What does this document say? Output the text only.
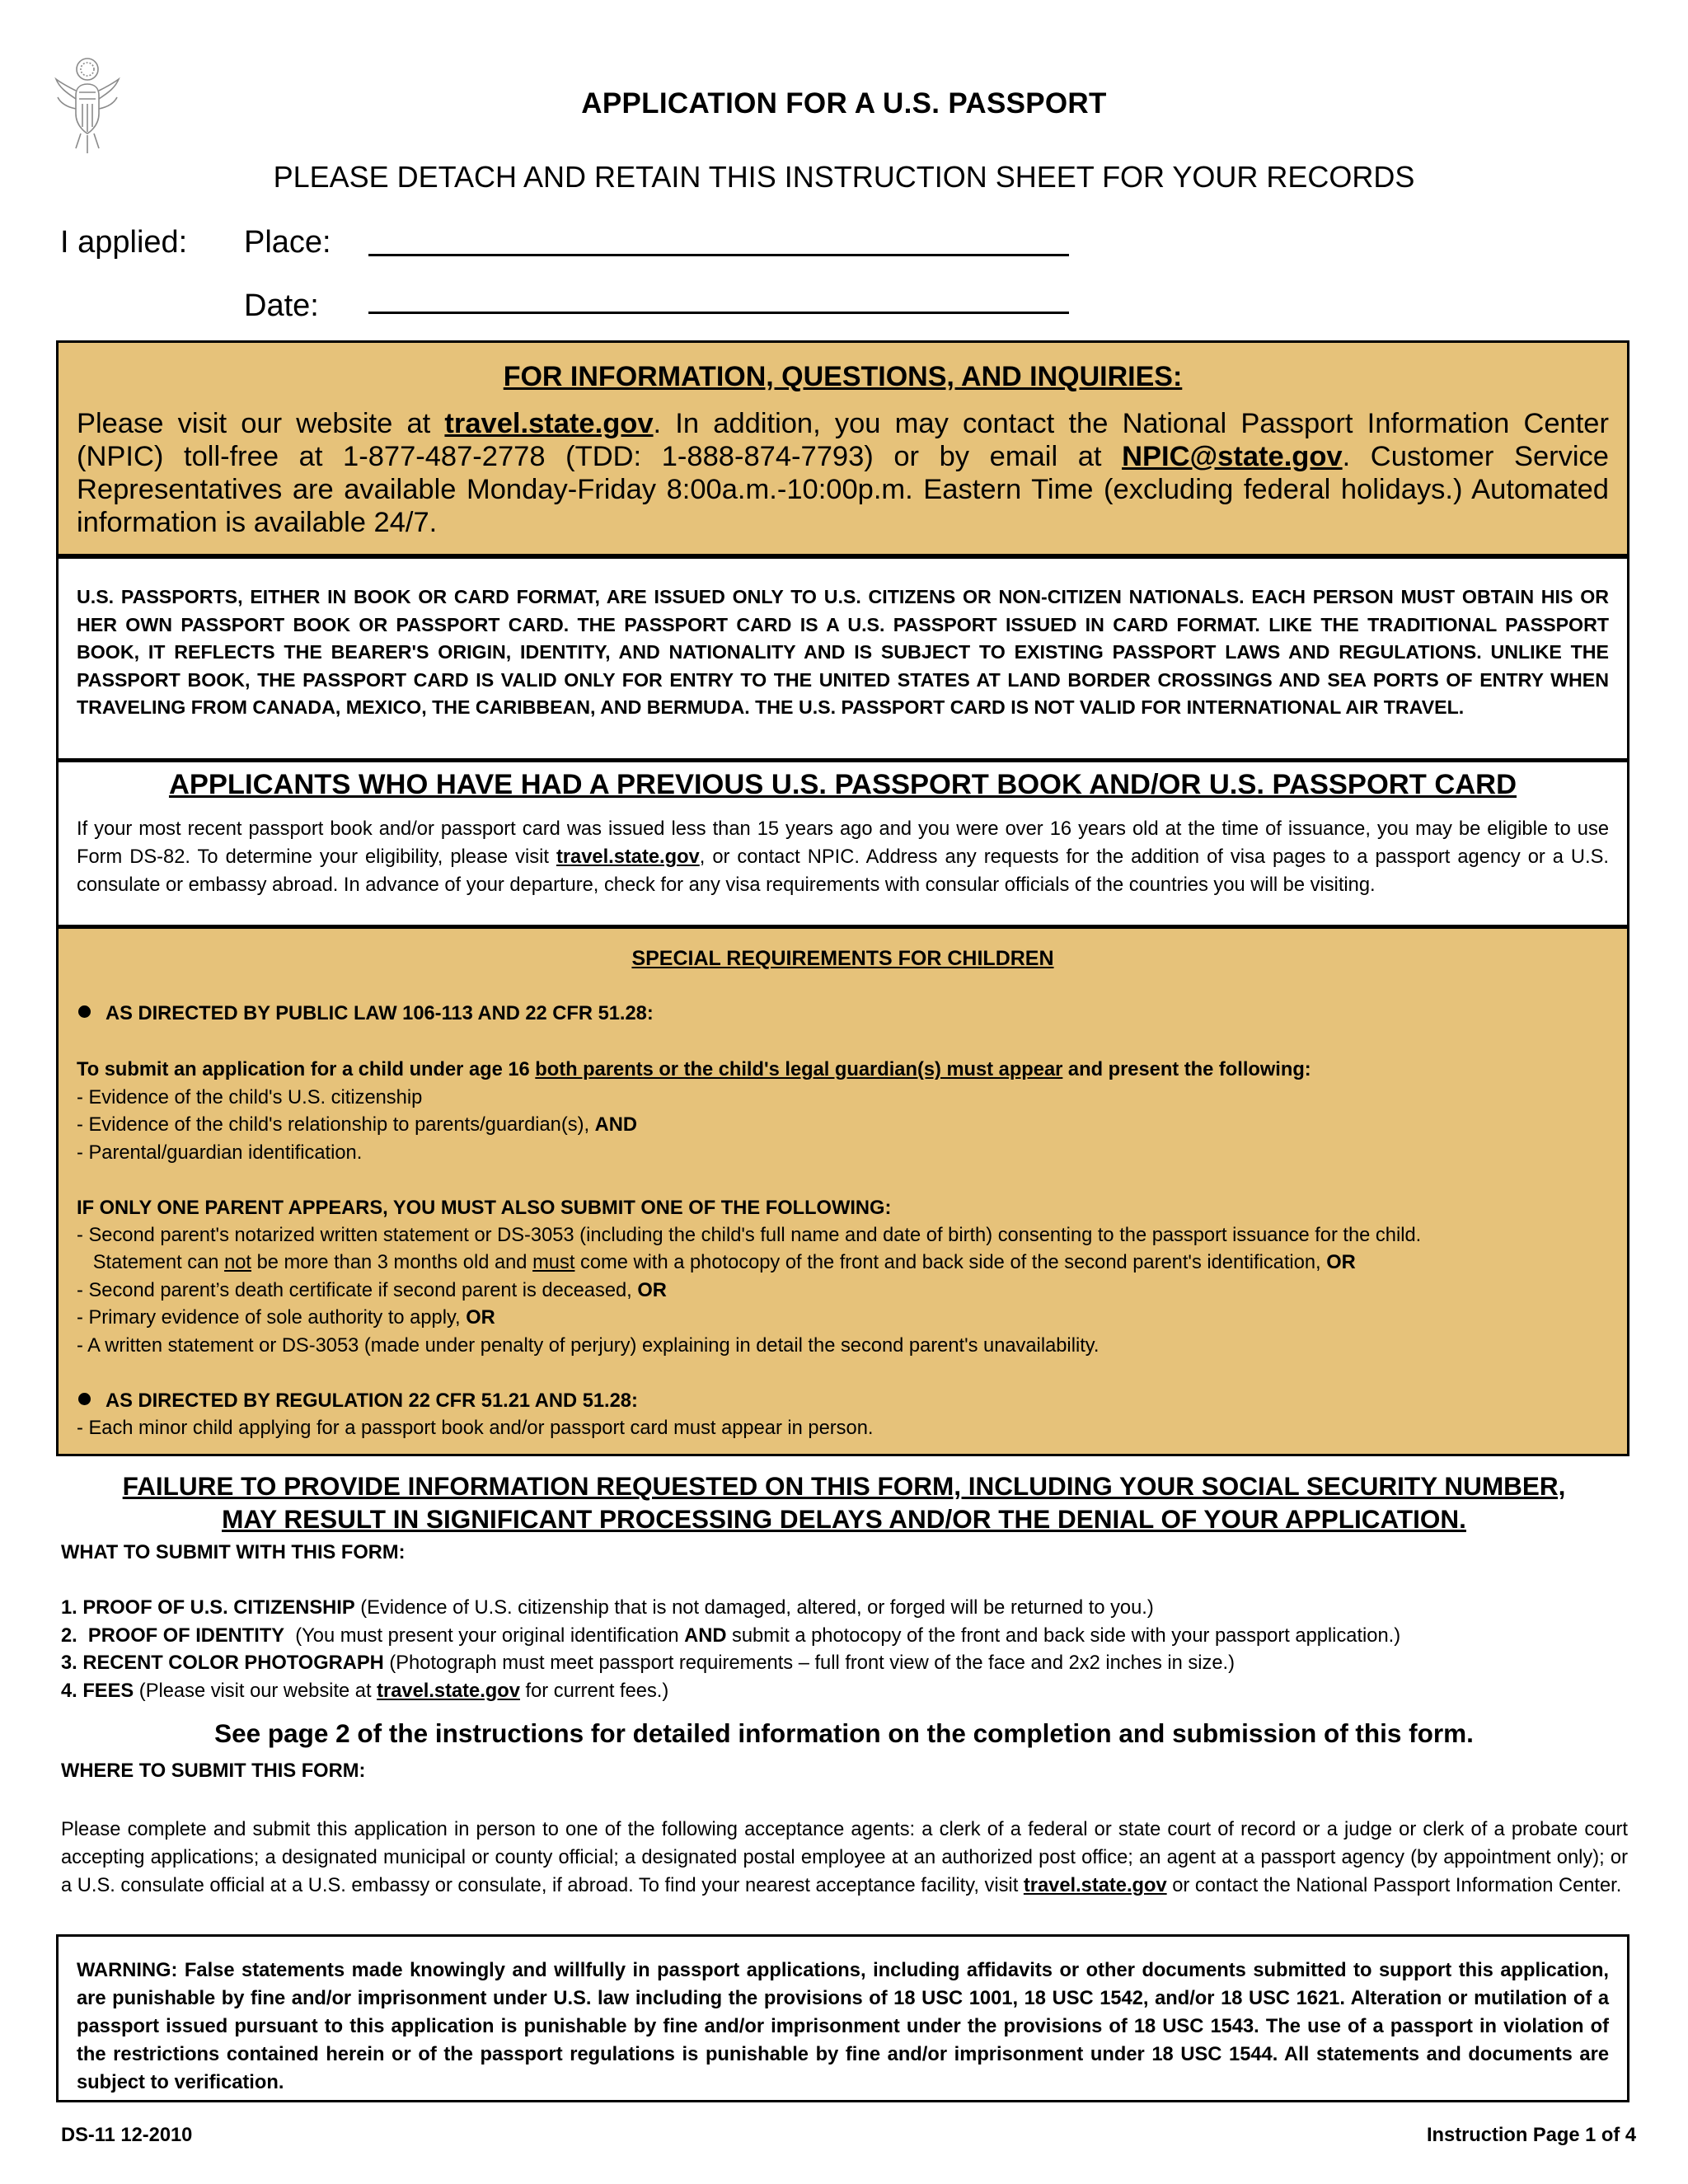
APPLICATION FOR A U.S. PASSPORT
PLEASE DETACH AND RETAIN THIS INSTRUCTION SHEET FOR YOUR RECORDS
I applied: Place:
Date:
FOR INFORMATION, QUESTIONS, AND INQUIRIES:
Please visit our website at travel.state.gov. In addition, you may contact the National Passport Information Center (NPIC) toll-free at 1-877-487-2778 (TDD: 1-888-874-7793) or by email at NPIC@state.gov. Customer Service Representatives are available Monday-Friday 8:00a.m.-10:00p.m. Eastern Time (excluding federal holidays.) Automated information is available 24/7.
U.S. PASSPORTS, EITHER IN BOOK OR CARD FORMAT, ARE ISSUED ONLY TO U.S. CITIZENS OR NON-CITIZEN NATIONALS. EACH PERSON MUST OBTAIN HIS OR HER OWN PASSPORT BOOK OR PASSPORT CARD. THE PASSPORT CARD IS A U.S. PASSPORT ISSUED IN CARD FORMAT. LIKE THE TRADITIONAL PASSPORT BOOK, IT REFLECTS THE BEARER'S ORIGIN, IDENTITY, AND NATIONALITY AND IS SUBJECT TO EXISTING PASSPORT LAWS AND REGULATIONS. UNLIKE THE PASSPORT BOOK, THE PASSPORT CARD IS VALID ONLY FOR ENTRY TO THE UNITED STATES AT LAND BORDER CROSSINGS AND SEA PORTS OF ENTRY WHEN TRAVELING FROM CANADA, MEXICO, THE CARIBBEAN, AND BERMUDA. THE U.S. PASSPORT CARD IS NOT VALID FOR INTERNATIONAL AIR TRAVEL.
APPLICANTS WHO HAVE HAD A PREVIOUS U.S. PASSPORT BOOK AND/OR U.S. PASSPORT CARD
If your most recent passport book and/or passport card was issued less than 15 years ago and you were over 16 years old at the time of issuance, you may be eligible to use Form DS-82. To determine your eligibility, please visit travel.state.gov, or contact NPIC. Address any requests for the addition of visa pages to a passport agency or a U.S. consulate or embassy abroad. In advance of your departure, check for any visa requirements with consular officials of the countries you will be visiting.
SPECIAL REQUIREMENTS FOR CHILDREN
AS DIRECTED BY PUBLIC LAW 106-113 AND 22 CFR 51.28:
To submit an application for a child under age 16 both parents or the child's legal guardian(s) must appear and present the following:
- Evidence of the child's U.S. citizenship
- Evidence of the child's relationship to parents/guardian(s), AND
- Parental/guardian identification.
IF ONLY ONE PARENT APPEARS, YOU MUST ALSO SUBMIT ONE OF THE FOLLOWING:
- Second parent's notarized written statement or DS-3053 (including the child's full name and date of birth) consenting to the passport issuance for the child.
Statement can not be more than 3 months old and must come with a photocopy of the front and back side of the second parent's identification, OR
- Second parent’s death certificate if second parent is deceased, OR
- Primary evidence of sole authority to apply, OR
- A written statement or DS-3053 (made under penalty of perjury) explaining in detail the second parent's unavailability.
AS DIRECTED BY REGULATION 22 CFR 51.21 AND 51.28:
- Each minor child applying for a passport book and/or passport card must appear in person.
FAILURE TO PROVIDE INFORMATION REQUESTED ON THIS FORM, INCLUDING YOUR SOCIAL SECURITY NUMBER,
MAY RESULT IN SIGNIFICANT PROCESSING DELAYS AND/OR THE DENIAL OF YOUR APPLICATION.
WHAT TO SUBMIT WITH THIS FORM:
1. PROOF OF U.S. CITIZENSHIP (Evidence of U.S. citizenship that is not damaged, altered, or forged will be returned to you.)
2.  PROOF OF IDENTITY  (You must present your original identification AND submit a photocopy of the front and back side with your passport application.)
3. RECENT COLOR PHOTOGRAPH (Photograph must meet passport requirements – full front view of the face and 2x2 inches in size.)
4. FEES (Please visit our website at travel.state.gov for current fees.)
See page 2 of the instructions for detailed information on the completion and submission of this form.
WHERE TO SUBMIT THIS FORM:
Please complete and submit this application in person to one of the following acceptance agents: a clerk of a federal or state court of record or a judge or clerk of a probate court accepting applications; a designated municipal or county official; a designated postal employee at an authorized post office; an agent at a passport agency (by appointment only); or a U.S. consulate official at a U.S. embassy or consulate, if abroad. To find your nearest acceptance facility, visit travel.state.gov or contact the National Passport Information Center.
WARNING: False statements made knowingly and willfully in passport applications, including affidavits or other documents submitted to support this application, are punishable by fine and/or imprisonment under U.S. law including the provisions of 18 USC 1001, 18 USC 1542, and/or 18 USC 1621. Alteration or mutilation of a passport issued pursuant to this application is punishable by fine and/or imprisonment under the provisions of 18 USC 1543. The use of a passport in violation of the restrictions contained herein or of the passport regulations is punishable by fine and/or imprisonment under 18 USC 1544. All statements and documents are subject to verification.
DS-11 12-2010	Instruction Page 1 of 4
